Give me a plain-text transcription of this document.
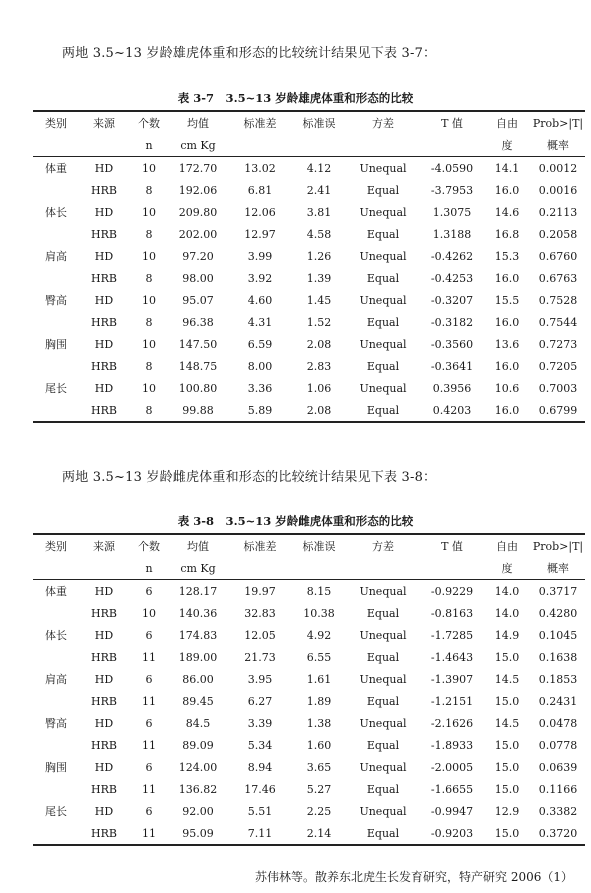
两地 3.5~13 岁龄雄虎体重和形态的比较统计结果见下表 3-7：
表 3-7　3.5~13 岁龄雄虎体重和形态的比较
类别	来源	个数	均值	标准差	标准误	方差	T 值	自由	Prob>|T|
		n	cm Kg					度	概率
体重	HD	10	172.70	13.02	4.12	Unequal	-4.0590	14.1	0.0012
	HRB	8	192.06	6.81	2.41	Equal	-3.7953	16.0	0.0016
体长	HD	10	209.80	12.06	3.81	Unequal	1.3075	14.6	0.2113
	HRB	8	202.00	12.97	4.58	Equal	1.3188	16.8	0.2058
肩高	HD	10	97.20	3.99	1.26	Unequal	-0.4262	15.3	0.6760
	HRB	8	98.00	3.92	1.39	Equal	-0.4253	16.0	0.6763
臀高	HD	10	95.07	4.60	1.45	Unequal	-0.3207	15.5	0.7528
	HRB	8	96.38	4.31	1.52	Equal	-0.3182	16.0	0.7544
胸围	HD	10	147.50	6.59	2.08	Unequal	-0.3560	13.6	0.7273
	HRB	8	148.75	8.00	2.83	Equal	-0.3641	16.0	0.7205
尾长	HD	10	100.80	3.36	1.06	Unequal	0.3956	10.6	0.7003
	HRB	8	99.88	5.89	2.08	Equal	0.4203	16.0	0.6799
两地 3.5~13 岁龄雌虎体重和形态的比较统计结果见下表 3-8：
表 3-8　3.5~13 岁龄雌虎体重和形态的比较
类别	来源	个数	均值	标准差	标准误	方差	T 值	自由	Prob>|T|
		n	cm Kg					度	概率
体重	HD	6	128.17	19.97	8.15	Unequal	-0.9229	14.0	0.3717
	HRB	10	140.36	32.83	10.38	Equal	-0.8163	14.0	0.4280
体长	HD	6	174.83	12.05	4.92	Unequal	-1.7285	14.9	0.1045
	HRB	11	189.00	21.73	6.55	Equal	-1.4643	15.0	0.1638
肩高	HD	6	86.00	3.95	1.61	Unequal	-1.3907	14.5	0.1853
	HRB	11	89.45	6.27	1.89	Equal	-1.2151	15.0	0.2431
臀高	HD	6	84.5	3.39	1.38	Unequal	-2.1626	14.5	0.0478
	HRB	11	89.09	5.34	1.60	Equal	-1.8933	15.0	0.0778
胸围	HD	6	124.00	8.94	3.65	Unequal	-2.0005	15.0	0.0639
	HRB	11	136.82	17.46	5.27	Equal	-1.6655	15.0	0.1166
尾长	HD	6	92.00	5.51	2.25	Unequal	-0.9947	12.9	0.3382
	HRB	11	95.09	7.11	2.14	Equal	-0.9203	15.0	0.3720
苏伟林等。散养东北虎生长发育研究，特产研究 2006（1）
